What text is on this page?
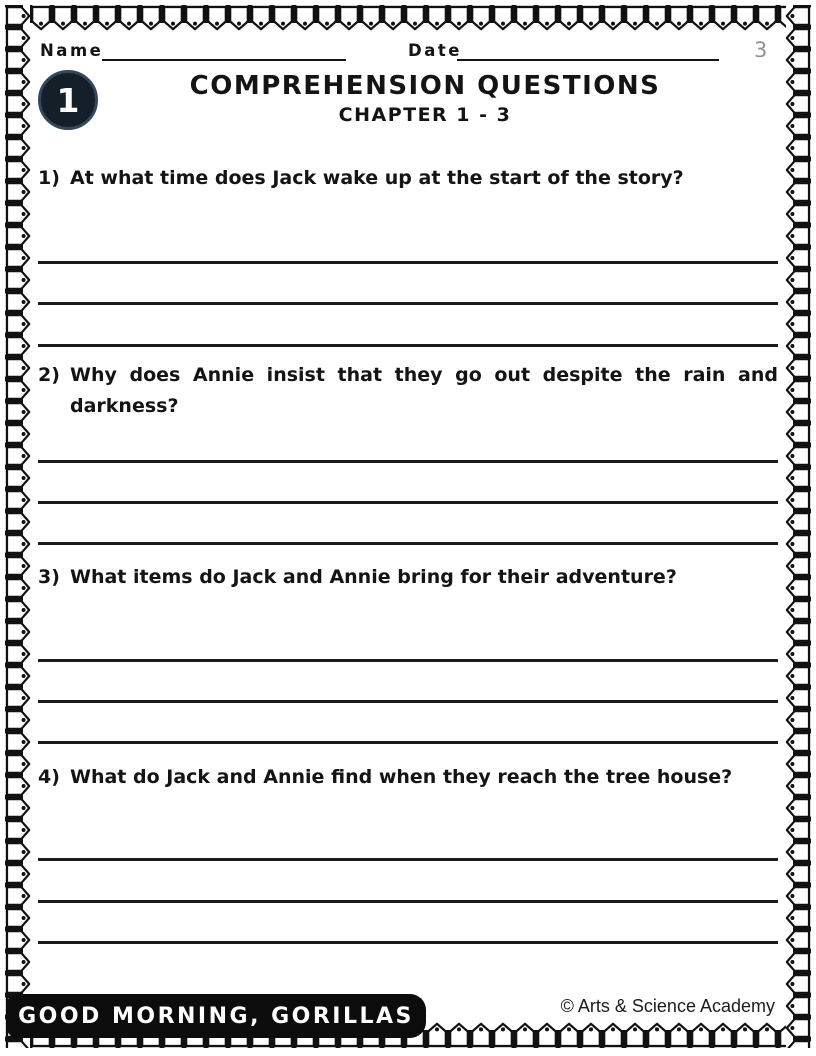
Name	Date	3
1	COMPREHENSION QUESTIONS
CHAPTER 1 - 3
1) At what time does Jack wake up at the start of the story?
2) Why does Annie insist that they go out despite the rain and
darkness?
3) What items do Jack and Annie bring for their adventure?
4) What do Jack and Annie find when they reach the tree house?
GOOD MORNING, GORILLAS	© Arts & Science Academy
